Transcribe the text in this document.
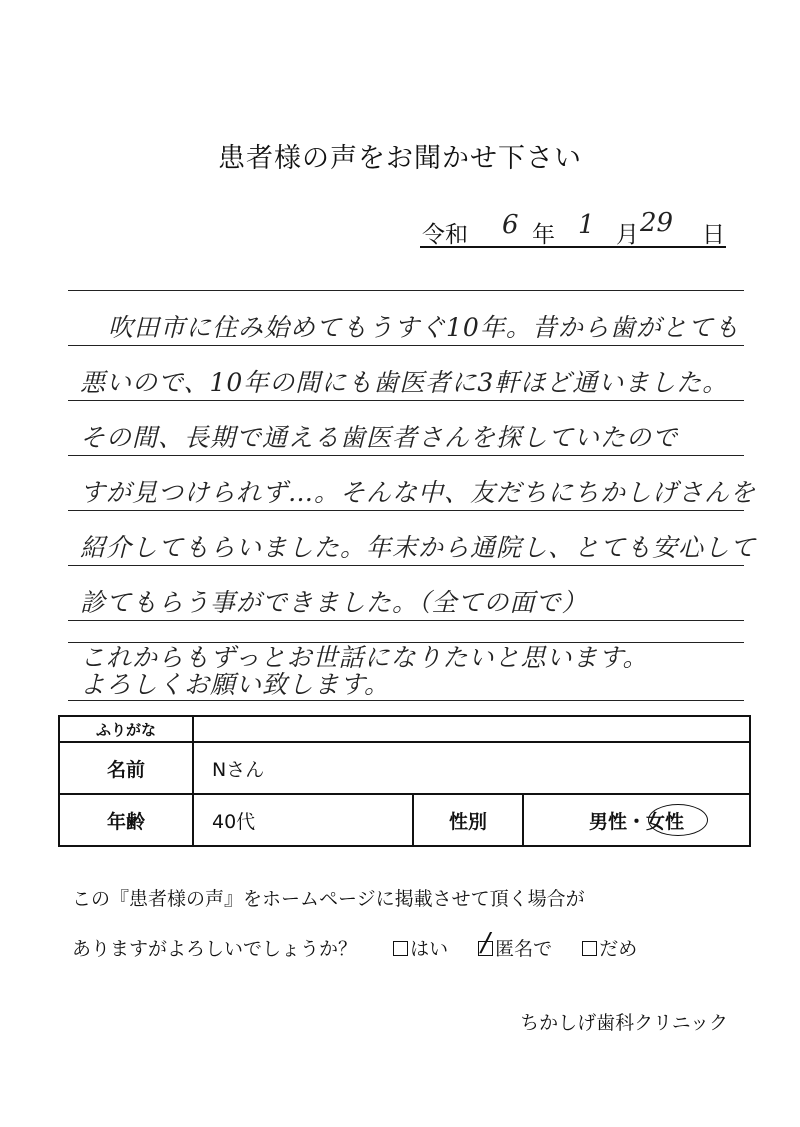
患者様の声をお聞かせ下さい
令和 6 年 1 月 29 日
吹田市に住み始めてもうすぐ10年。昔から歯がとても
悪いので、10年の間にも歯医者に3軒ほど通いました。
その間、長期で通える歯医者さんを探していたので
すが見つけられず…。そんな中、友だちにちかしげさんを
紹介してもらいました。年末から通院し、とても安心して
診てもらう事ができました。（全ての面で）
これからもずっとお世話になりたいと思います。
よろしくお願い致します。
ふりがな			
名前	Nさん		
年齢	40代	性別	男性・女性
この『患者様の声』をホームページに掲載させて頂く場合が
ありますがよろしいでしょうか？	はい / 匿名で だめ
ちかしげ歯科クリニック
